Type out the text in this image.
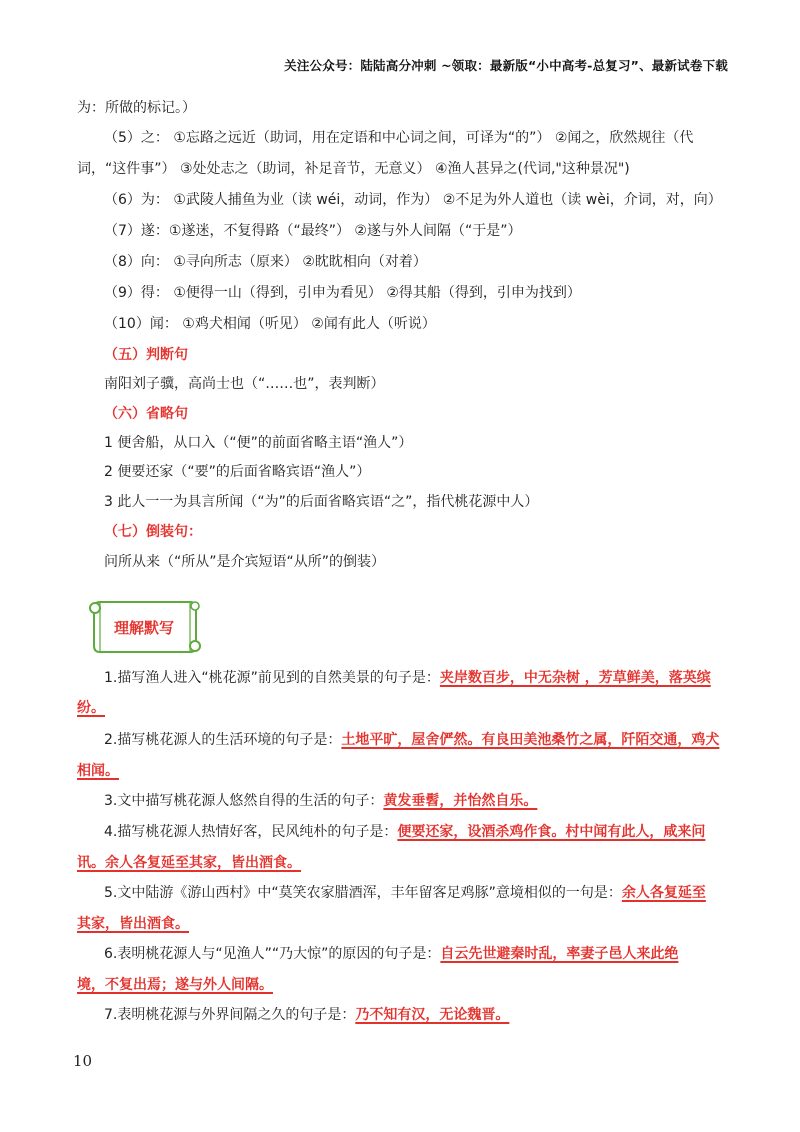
关注公众号：陆陆高分冲刺 ~领取：最新版“小中高考-总复习”、最新试卷下载
为：所做的标记。）
（5）之： ①忘路之远近（助词，用在定语和中心词之间，可译为“的”） ②闻之，欣然规往（代
词，“这件事”） ③处处志之（助词，补足音节，无意义） ④渔人甚异之(代词,"这种景况")
（6）为： ①武陵人捕鱼为业（读 wéi，动词，作为） ②不足为外人道也（读 wèi，介词，对，向）
（7）遂：①遂迷，不复得路（“最终”） ②遂与外人间隔（“于是”）
（8）向： ①寻向所志（原来） ②眈眈相向（对着）
（9）得： ①便得一山（得到，引申为看见） ②得其船（得到，引申为找到）
（10）闻： ①鸡犬相闻（听见） ②闻有此人（听说）
（五）判断句
南阳刘子骥，高尚士也（“……也”，表判断）
（六）省略句
1 便舍船，从口入（“便”的前面省略主语“渔人”）
2 便要还家（“要”的后面省略宾语“渔人”）
3 此人一一为具言所闻（“为”的后面省略宾语“之”，指代桃花源中人）
（七）倒装句：
问所从来（“所从”是介宾短语“从所”的倒装）
理解默写
1.描写渔人进入“桃花源”前见到的自然美景的句子是：夹岸数百步，中无杂树 ，芳草鲜美，落英缤
纷。
2.描写桃花源人的生活环境的句子是：土地平旷，屋舍俨然。有良田美池桑竹之属，阡陌交通，鸡犬
相闻。
3.文中描写桃花源人悠然自得的生活的句子：黄发垂髫，并怡然自乐。
4.描写桃花源人热情好客，民风纯朴的句子是：便要还家，设酒杀鸡作食。村中闻有此人，咸来问
讯。余人各复延至其家，皆出酒食。
5.文中陆游《游山西村》中“莫笑农家腊酒浑，丰年留客足鸡豚”意境相似的一句是：余人各复延至
其家，皆出酒食。
6.表明桃花源人与“见渔人”“乃大惊”的原因的句子是：自云先世避秦时乱，率妻子邑人来此绝
境，不复出焉；遂与外人间隔。
7.表明桃花源与外界间隔之久的句子是：乃不知有汉，无论魏晋。
10
